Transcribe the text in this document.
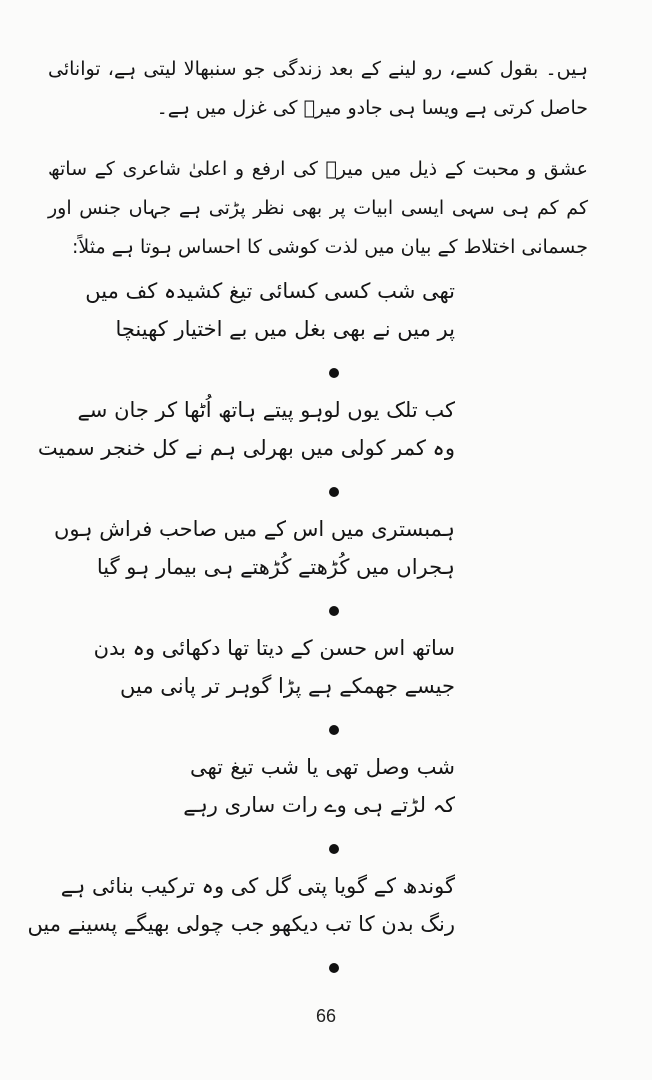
ہیں۔ بقول کسے، رو لینے کے بعد زندگی جو سنبھالا لیتی ہے، توانائی حاصل کرتی ہے ویسا ہی جادو میرؔ کی غزل میں ہے۔

عشق و محبت کے ذیل میں میرؔ کی ارفع و اعلیٰ شاعری کے ساتھ کم کم ہی سہی ایسی ابیات پر بھی نظر پڑتی ہے جہاں جنس اور جسمانی اختلاط کے بیان میں لذت کوشی کا احساس ہوتا ہے مثلاً:

تھی شب کسی کسائی تیغ کشیدہ کف میں
پر میں نے بھی بغل میں بے اختیار کھینچا
کب تلک یوں لوہو پیتے ہاتھ اُٹھا کر جان سے
وہ کمر کولی میں بھرلی ہم نے کل خنجر سمیت
ہمبستری میں اس کے میں صاحب فراش ہوں
ہجراں میں کُڑھتے کُڑھتے ہی بیمار ہو گیا
ساتھ اس حسن کے دیتا تھا دکھائی وہ بدن
جیسے جھمکے ہے پڑا گوہر تر پانی میں
شب وصل تھی یا شب تیغ تھی
کہ لڑتے ہی وے رات ساری رہے
گوندھ کے گویا پتی گل کی وہ ترکیب بنائی ہے
رنگ بدن کا تب دیکھو جب چولی بھیگے پسینے میں
66
